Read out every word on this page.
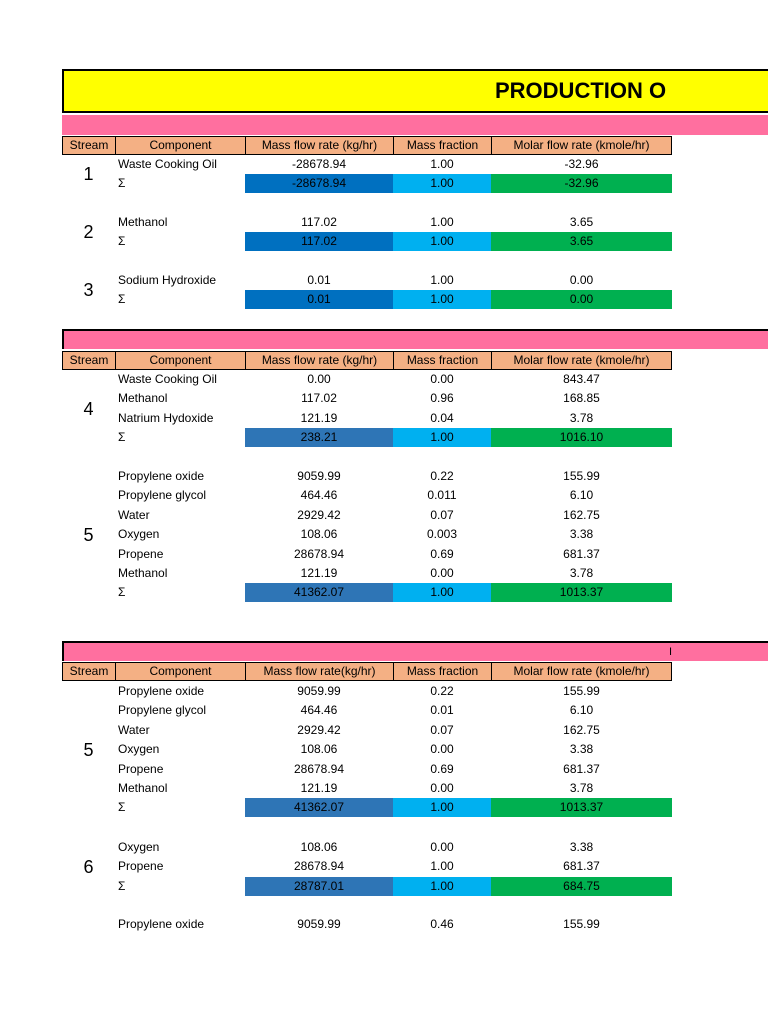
PRODUCTION O
Stream	Component	Mass flow rate (kg/hr)	Mass fraction	Molar flow rate (kmole/hr)
Stream	Component	Mass flow rate (kg/hr)	Mass fraction	Molar flow rate (kmole/hr)
I
Stream	Component	Mass flow rate(kg/hr)	Mass fraction	Molar flow rate (kmole/hr)
1
Waste Cooking Oil	-28678.94	1.00	-32.96
Σ	-28678.94	1.00	-32.96
2
Methanol	117.02	1.00	3.65
Σ	117.02	1.00	3.65
3
Sodium Hydroxide	0.01	1.00	0.00
Σ	0.01	1.00	0.00
4
Waste Cooking Oil	0.00	0.00	843.47
Methanol	117.02	0.96	168.85
Natrium Hydoxide	121.19	0.04	3.78
Σ	238.21	1.00	1016.10
5
Propylene oxide	9059.99	0.22	155.99
Propylene glycol	464.46	0.011	6.10
Water	2929.42	0.07	162.75
Oxygen	108.06	0.003	3.38
Propene	28678.94	0.69	681.37
Methanol	121.19	0.00	3.78
Σ	41362.07	1.00	1013.37
5
Propylene oxide	9059.99	0.22	155.99
Propylene glycol	464.46	0.01	6.10
Water	2929.42	0.07	162.75
Oxygen	108.06	0.00	3.38
Propene	28678.94	0.69	681.37
Methanol	121.19	0.00	3.78
Σ	41362.07	1.00	1013.37
6
Oxygen	108.06	0.00	3.38
Propene	28678.94	1.00	681.37
Σ	28787.01	1.00	684.75
Propylene oxide	9059.99	0.46	155.99
